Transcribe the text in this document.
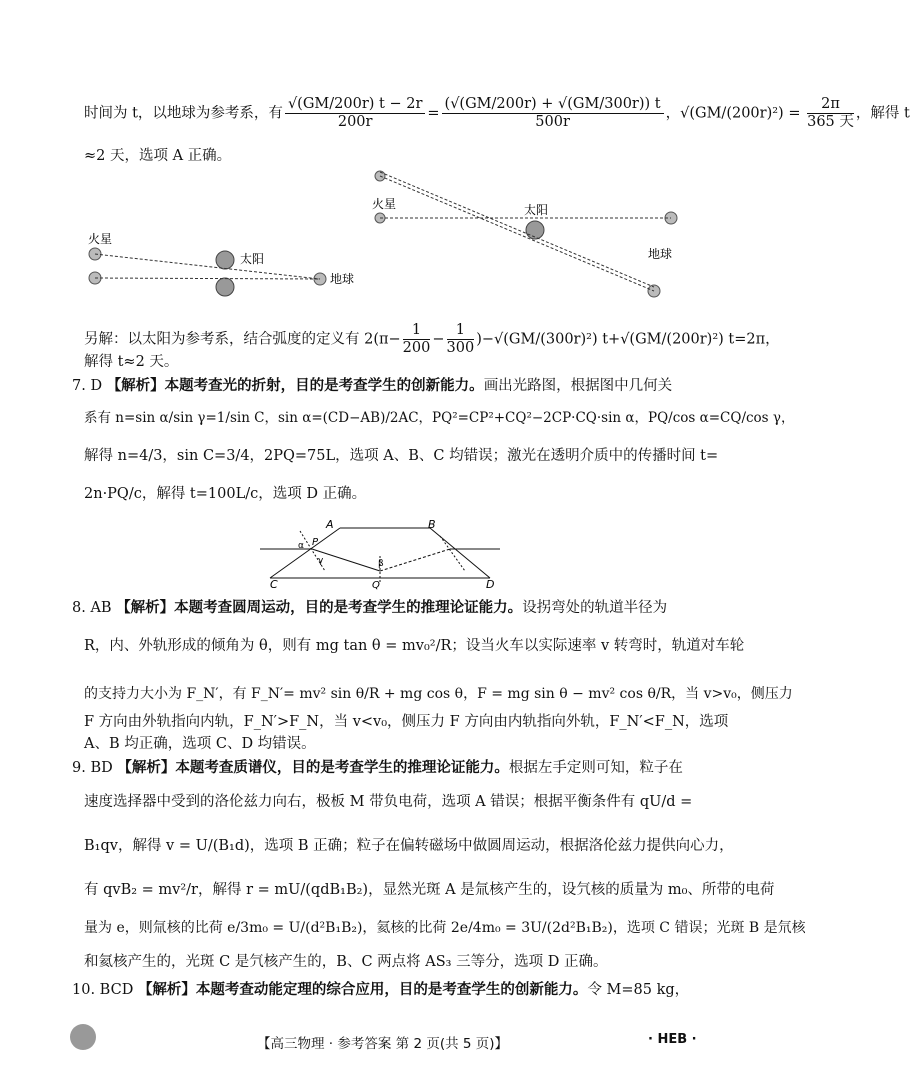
时间为 t，以地球为参考系，有 $\frac{√(GM/200r) t - 2r}{200r} = \frac{(√(GM/200r) + √(GM/300r)) t}{500r}$ ，$√(GM/(200r)^2) = \frac{2\pi}{\text{365 天}}$ ，解得 t
≈2 天，选项 A 正确。
火星
太阳
地球
火星	太阳
地球
另解：以太阳为参考系，结合弧度的定义有 $2(\pi- \frac{1}{200} - \frac{1}{300} )-√(GM/(300r)^2)$ t+√(GM/(200r)²) t=2π，
解得 t≈2 天。
7. D 【解析】本题考查光的折射，目的是考查学生的创新能力。画出光路图，根据图中几何关
系有 n=sin α/sin γ=1/sin C，sin α=(CD−AB)/2AC，PQ²=CP²+CQ²−2CP·CQ·sin α，PQ/cos α=CQ/cos γ，
解得 n=4/3，sin C=3/4，2PQ=75L，选项 A、B、C 均错误；激光在透明介质中的传播时间 t=
2n·PQ/c，解得 t=100L/c，选项 D 正确。
A	B
C	D
P
Q
α
γ	β
8. AB 【解析】本题考查圆周运动，目的是考查学生的推理论证能力。设拐弯处的轨道半径为
R，内、外轨形成的倾角为 θ，则有 mg tan θ = mv₀²/R；设当火车以实际速率 v 转弯时，轨道对车轮
的支持力大小为 F_N′，有 F_N′= mv² sin θ/R + mg cos θ，F = mg sin θ − mv² cos θ/R，当 v>v₀，侧压力
F 方向由外轨指向内轨，F_N′>F_N，当 v<v₀，侧压力 F 方向由内轨指向外轨，F_N′<F_N，选项
A、B 均正确，选项 C、D 均错误。
9. BD 【解析】本题考查质谱仪，目的是考查学生的推理论证能力。根据左手定则可知，粒子在
速度选择器中受到的洛伦兹力向右，极板 M 带负电荷，选项 A 错误；根据平衡条件有 qU/d =
B₁qv，解得 v = U/(B₁d)，选项 B 正确；粒子在偏转磁场中做圆周运动，根据洛伦兹力提供向心力，
有 qvB₂ = mv²/r，解得 r = mU/(qdB₁B₂)，显然光斑 A 是氚核产生的，设氕核的质量为 m₀、所带的电荷
量为 e，则氚核的比荷 e/3m₀ = U/(d²B₁B₂)，氦核的比荷 2e/4m₀ = 3U/(2d²B₁B₂)，选项 C 错误；光斑 B 是氘核
和氦核产生的，光斑 C 是氕核产生的，B、C 两点将 AS₃ 三等分，选项 D 正确。
10. BCD 【解析】本题考查动能定理的综合应用，目的是考查学生的创新能力。令 M=85 kg，
【高三物理 · 参考答案 第 2 页(共 5 页)】	· HEB ·
